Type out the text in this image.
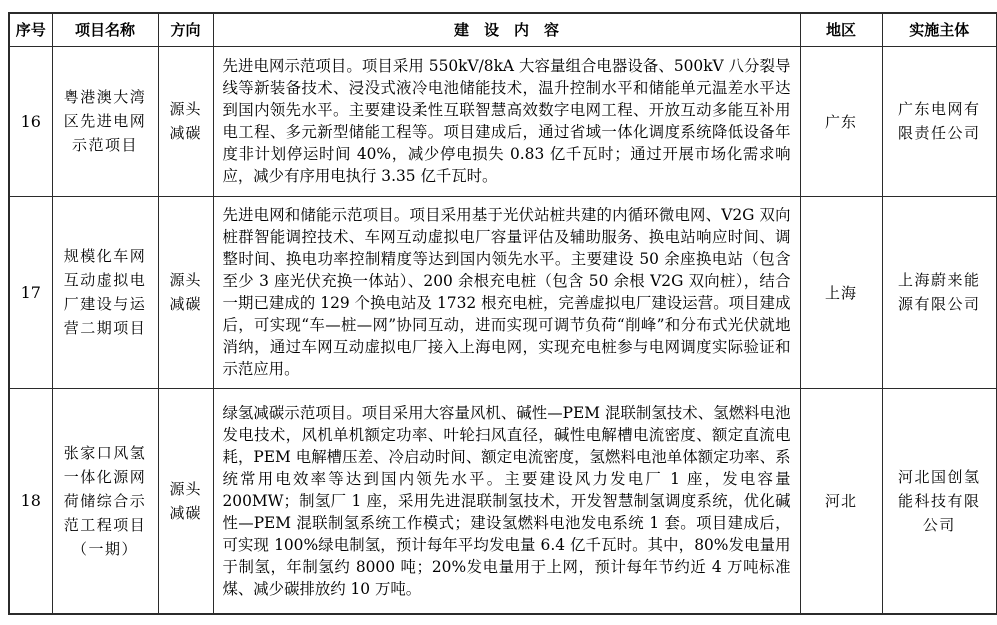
序号	项目名称	方向	建　设　内　容	地区	实施主体
16	粤港澳大湾区先进电网示范项目	源头减碳	先进电网示范项目。项目采用 550kV/8kA 大容量组合电器设备、500kV 八分裂导线等新装备技术、浸没式液冷电池储能技术，温升控制水平和储能单元温差水平达到国内领先水平。主要建设柔性互联智慧高效数字电网工程、开放互动多能互补用电工程、多元新型储能工程等。项目建成后，通过省域一体化调度系统降低设备年度非计划停运时间 40%，减少停电损失 0.83 亿千瓦时；通过开展市场化需求响应，减少有序用电执行 3.35 亿千瓦时。	广东	广东电网有限责任公司
17	规模化车网互动虚拟电厂建设与运营二期项目	源头减碳	先进电网和储能示范项目。项目采用基于光伏站桩共建的内循环微电网、V2G 双向桩群智能调控技术、车网互动虚拟电厂容量评估及辅助服务、换电站响应时间、调整时间、换电功率控制精度等达到国内领先水平。主要建设 50 余座换电站（包含至少 3 座光伏充换一体站）、200 余根充电桩（包含 50 余根 V2G 双向桩），结合一期已建成的 129 个换电站及 1732 根充电桩，完善虚拟电厂建设运营。项目建成后，可实现“车—桩—网”协同互动，进而实现可调节负荷“削峰”和分布式光伏就地消纳，通过车网互动虚拟电厂接入上海电网，实现充电桩参与电网调度实际验证和示范应用。	上海	上海蔚来能源有限公司
18	张家口风氢一体化源网荷储综合示范工程项目（一期）	源头减碳	绿氢减碳示范项目。项目采用大容量风机、碱性—PEM 混联制氢技术、氢燃料电池发电技术，风机单机额定功率、叶轮扫风直径，碱性电解槽电流密度、额定直流电耗，PEM 电解槽压差、冷启动时间、额定电流密度，氢燃料电池单体额定功率、系统常用电效率等达到国内领先水平。主要建设风力发电厂 1 座，发电容量 200MW；制氢厂 1 座，采用先进混联制氢技术，开发智慧制氢调度系统，优化碱性—PEM 混联制氢系统工作模式；建设氢燃料电池发电系统 1 套。项目建成后，可实现 100%绿电制氢，预计每年平均发电量 6.4 亿千瓦时。其中，80%发电量用于制氢，年制氢约 8000 吨；20%发电量用于上网，预计每年节约近 4 万吨标准煤、减少碳排放约 10 万吨。	河北	河北国创氢能科技有限公司
